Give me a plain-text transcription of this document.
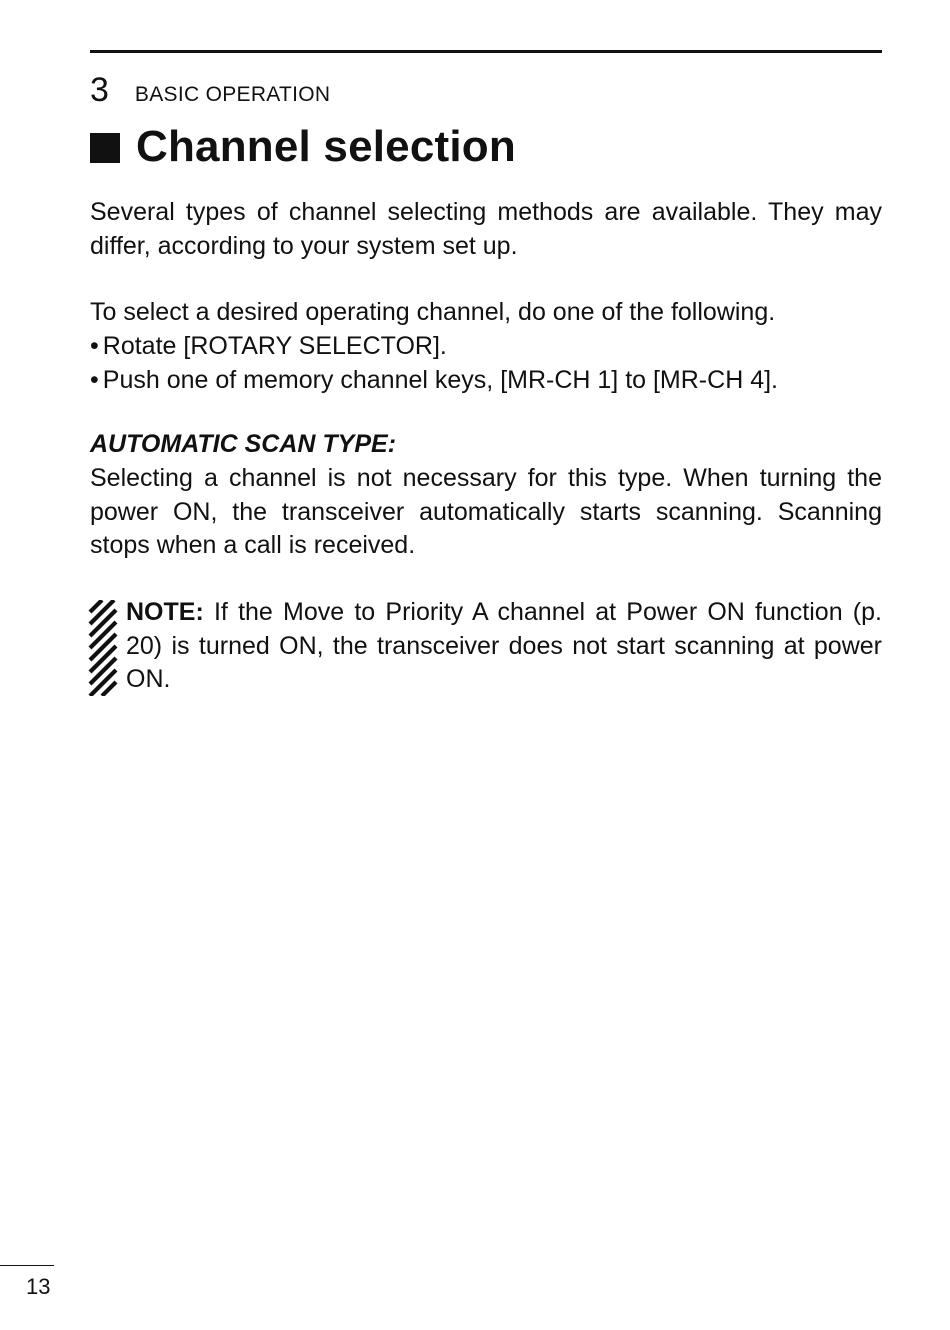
3 BASIC OPERATION
Channel selection

Several types of channel selecting methods are available. They may differ, according to your system set up.

To select a desired operating channel, do one of the following.

• Rotate [ROTARY SELECTOR].
• Push one of memory channel keys, [MR-CH 1] to [MR-CH 4].
AUTOMATIC SCAN TYPE:

Selecting a channel is not necessary for this type. When turning the power ON, the transceiver automatically starts scanning. Scanning stops when a call is received.

NOTE: If the Move to Priority A channel at Power ON function (p. 20) is turned ON, the transceiver does not start scanning at power ON.

13
